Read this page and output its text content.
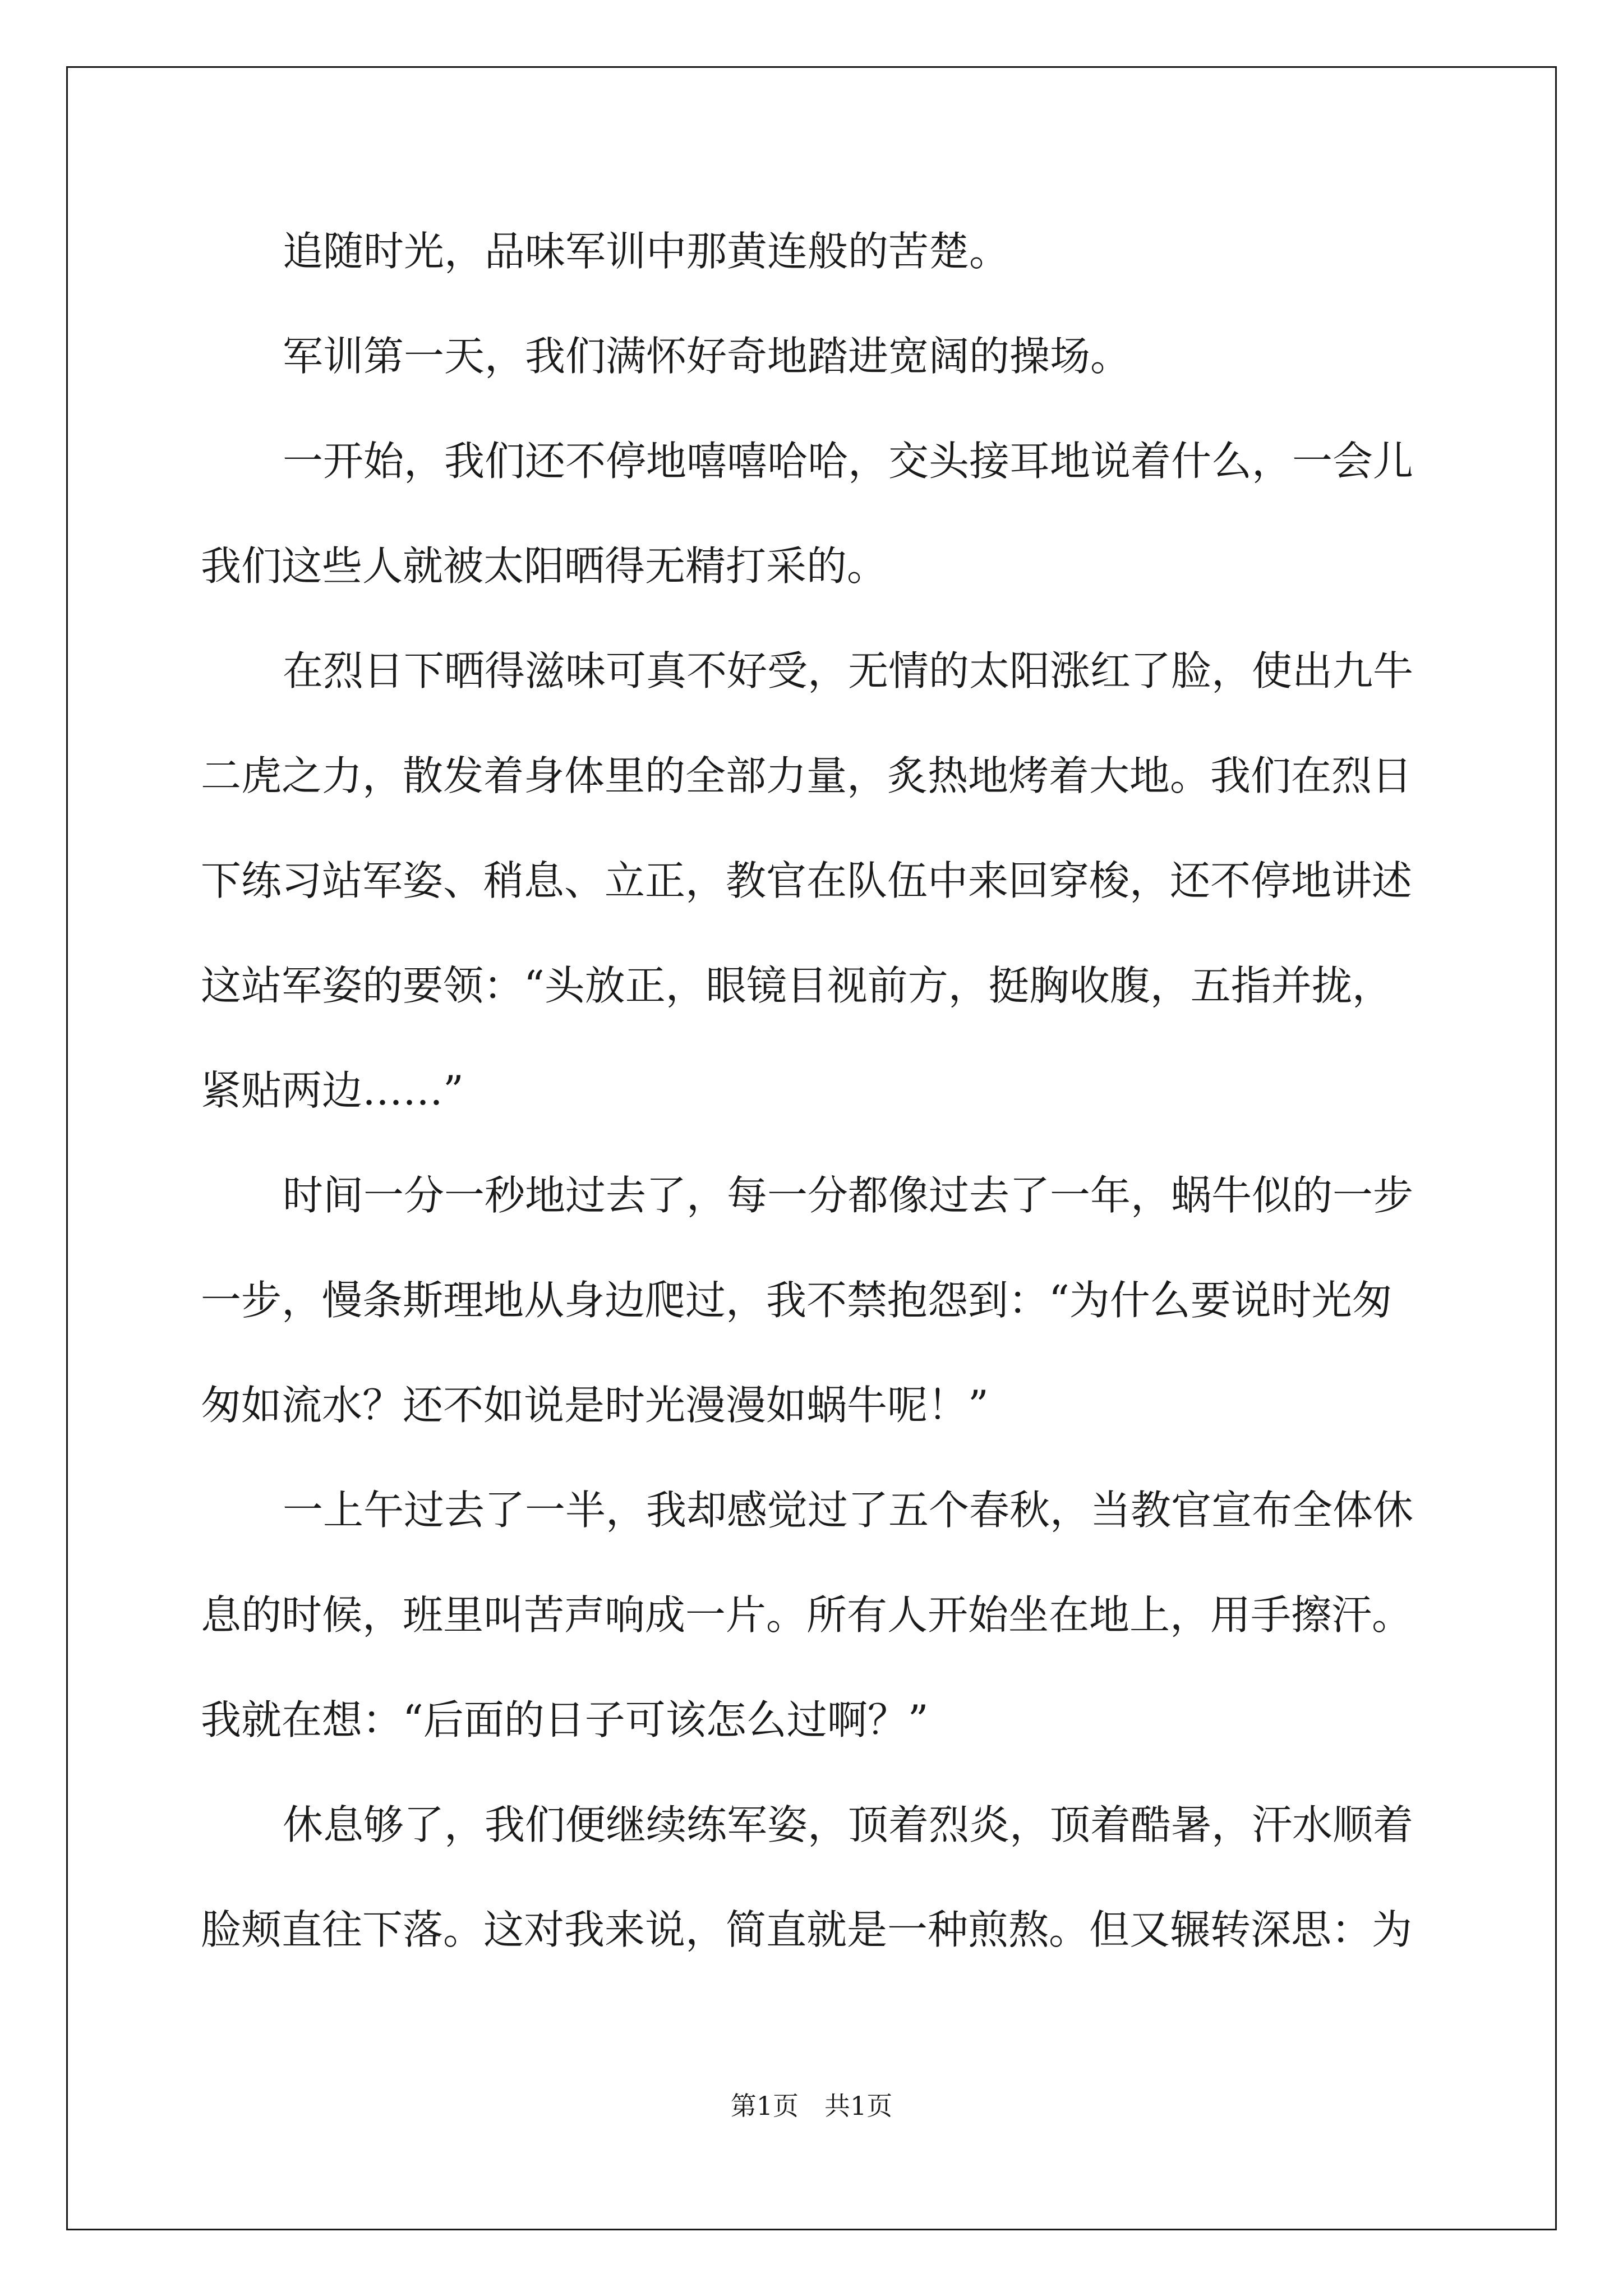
追随时光，品味军训中那黄连般的苦楚。
军训第一天，我们满怀好奇地踏进宽阔的操场。
一开始，我们还不停地嘻嘻哈哈，交头接耳地说着什么，一会儿
我们这些人就被太阳晒得无精打采的。
在烈日下晒得滋味可真不好受，无情的太阳涨红了脸，使出九牛
二虎之力，散发着身体里的全部力量，炙热地烤着大地。我们在烈日
下练习站军姿、稍息、立正，教官在队伍中来回穿梭，还不停地讲述
这站军姿的要领：“头放正，眼镜目视前方，挺胸收腹，五指并拢，
紧贴两边……”
时间一分一秒地过去了，每一分都像过去了一年，蜗牛似的一步
一步，慢条斯理地从身边爬过，我不禁抱怨到：“为什么要说时光匆
匆如流水？还不如说是时光漫漫如蜗牛呢！”
一上午过去了一半，我却感觉过了五个春秋，当教官宣布全体休
息的时候，班里叫苦声响成一片。所有人开始坐在地上，用手擦汗。
我就在想：“后面的日子可该怎么过啊？”
休息够了，我们便继续练军姿，顶着烈炎，顶着酷暑，汗水顺着
脸颊直往下落。这对我来说，简直就是一种煎熬。但又辗转深思：为
第1页　共1页
